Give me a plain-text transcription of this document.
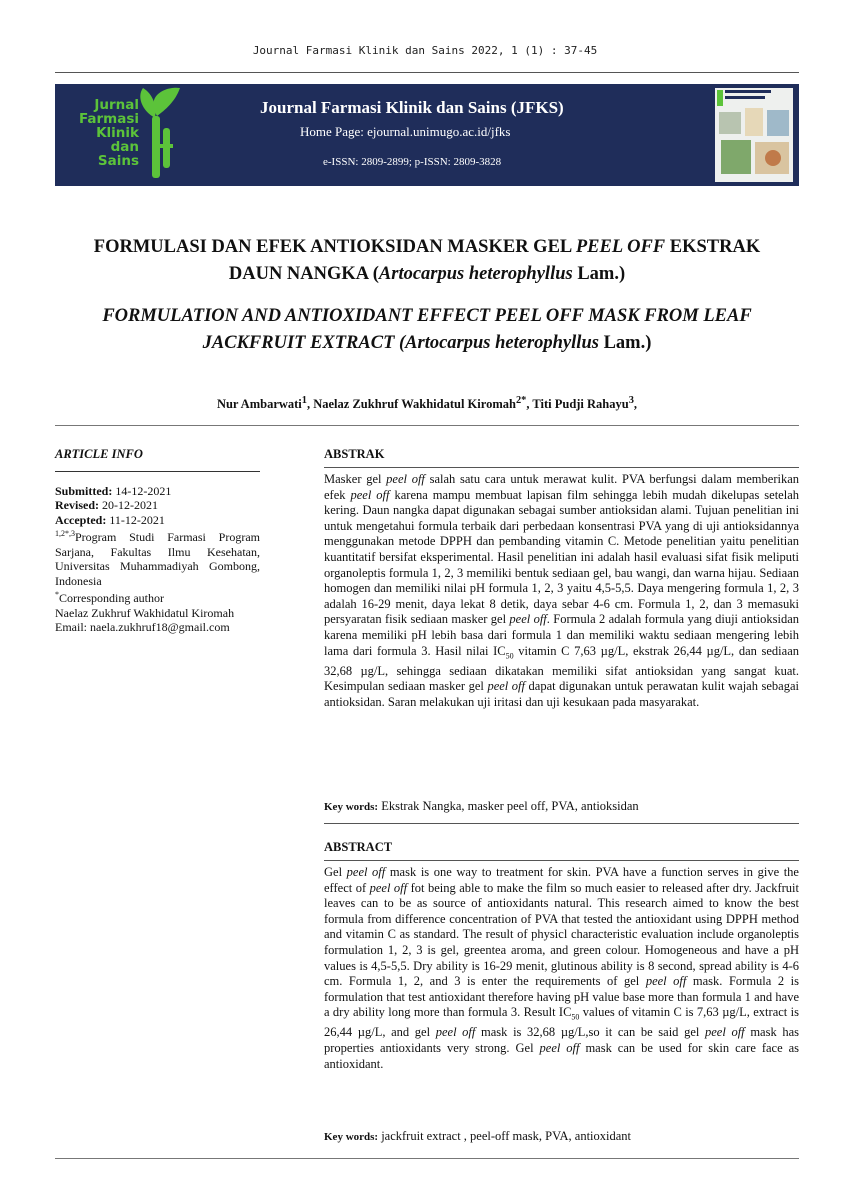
Journal Farmasi Klinik dan Sains 2022, 1 (1) : 37-45
Jurnal
Farmasi
Klinik
dan
Sains
Journal Farmasi Klinik dan Sains (JFKS)
Home Page: ejournal.unimugo.ac.id/jfks
e-ISSN: 2809-2899; p-ISSN: 2809-3828
FORMULASI DAN EFEK ANTIOKSIDAN MASKER GEL PEEL OFF EKSTRAK
DAUN NANGKA (Artocarpus heterophyllus Lam.)
FORMULATION AND ANTIOXIDANT EFFECT PEEL OFF MASK FROM LEAF
JACKFRUIT EXTRACT (Artocarpus heterophyllus Lam.)
Nur Ambarwati$^1$, Naelaz Zukhruf Wakhidatul Kiromah$^{2*}$, Titi Pudji Rahayu$^3$,
ARTICLE INFO

Submitted: 14-12-2021

Revised: 20-12-2021

Accepted: 11-12-2021

$^{1,2*,3}$Program Studi Farmasi Program Sarjana, Fakultas Ilmu Kesehatan, Universitas Muhammadiyah Gombong, Indonesia

*Corresponding author

Naelaz Zukhruf Wakhidatul Kiromah

Email: naela.zukhruf18@gmail.com

ABSTRAK

Masker gel peel off salah satu cara untuk merawat kulit. PVA berfungsi dalam memberikan efek peel off karena mampu membuat lapisan film sehingga lebih mudah dikelupas setelah kering. Daun nangka dapat digunakan sebagai sumber antioksidan alami. Tujuan penelitian ini untuk mengetahui formula terbaik dari perbedaan konsentrasi PVA yang di uji antioksidannya menggunakan metode DPPH dan pembanding vitamin C. Metode penelitian yaitu penelitian kuantitatif bersifat eksperimental. Hasil penelitian ini adalah hasil evaluasi sifat fisik meliputi organoleptis formula 1, 2, 3 memiliki bentuk sediaan gel, bau wangi, dan warna hijau. Sediaan homogen dan memiliki nilai pH formula 1, 2, 3 yaitu 4,5-5,5. Daya mengering formula 1, 2, 3 adalah 16-29 menit, daya lekat 8 detik, daya sebar 4-6 cm. Formula 1, 2, dan 3 memasuki persyaratan fisik sediaan masker gel peel off. Formula 2 adalah formula yang diuji antioksidan karena memiliki pH lebih basa dari formula 1 dan memiliki waktu sediaan mengering lebih lama dari formula 3. Hasil nilai $IC_{50}$ vitamin C 7,63 µg/L, ekstrak 26,44 µg/L, dan sediaan 32,68 µg/L, sehingga sediaan dikatakan memiliki sifat antioksidan yang sangat kuat. Kesimpulan sediaan masker gel peel off dapat digunakan untuk perawatan kulit wajah sebagai antioksidan. Saran melakukan uji iritasi dan uji kesukaan pada masyarakat.

Key words: Ekstrak Nangka, masker peel off, PVA, antioksidan
ABSTRACT

Gel peel off mask is one way to treatment for skin. PVA have a function serves in give the effect of peel off fot being able to make the film so much easier to released after dry. Jackfruit leaves can to be as source of antioxidants natural. This research aimed to know the best formula from difference concentration of PVA that tested the antioxidant using DPPH method and vitamin C as standard. The result of physicl characteristic evaluation include organoleptis formulation 1, 2, 3 is gel, greentea aroma, and green colour. Homogeneous and have a pH values is 4,5-5,5. Dry ability is 16-29 menit, glutinous ability is 8 second, spread ability is 4-6 cm. Formula 1, 2, and 3 is enter the requirements of gel peel off mask. Formula 2 is formulation that test antioxidant therefore having pH value base more than formula 1 and have a dry ability long more than formula 3. Result $IC_{50}$ values of vitamin C is 7,63 µg/L, extract is 26,44 µg/L, and gel peel off mask is 32,68 µg/L,so it can be said gel peel off mask has properties antioxidants very strong. Gel peel off mask can be used for skin care face as antioxidant.

Key words: jackfruit extract , peel-off mask, PVA, antioxidant
